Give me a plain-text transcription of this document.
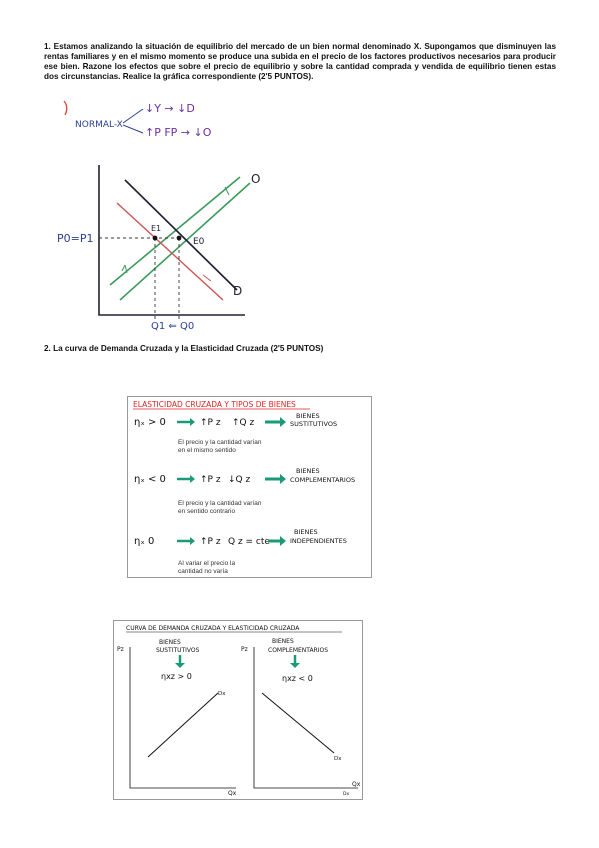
1. Estamos analizando la situación de equilibrio del mercado de un bien normal denominado X. Supongamos que disminuyen las rentas familiares y en el mismo momento se produce una subida en el precio de los factores productivos necesarios para producir ese bien. Razone los efectos que sobre el precio de equilibrio y sobre la cantidad comprada y vendida de equilibrio tienen estas dos circunstancias. Realice la gráfica correspondiente (2'5 PUNTOS).
NORMAL-X
↓Y → ↓D
↑P FP → ↓O
E1
E0
P0=P1
Q1 ⇐ Q0
O
D
2. La curva de Demanda Cruzada y la Elasticidad Cruzada (2'5 PUNTOS)
ELASTICIDAD CRUZADA Y TIPOS DE BIENES
ηₓ > 0	↑P z ↑Q z
BIENES
SUSTITUTIVOS
El precio y la cantidad varían
en el mismo sentido
ηₓ < 0	↑P z ↓Q z
BIENES
COMPLEMENTARIOS
El precio y la cantidad varían
en sentido contrario
ηₓ 0	↑P z Q z = cte
BIENES
INDEPENDIENTES
Al variar el precio la
cantidad no varía
CURVA DE DEMANDA CRUZADA Y ELASTICIDAD CRUZADA
Pz
BIENES
SUSTITUTIVOS
ηxz > 0
Dx
Qx
Pz
BIENES
COMPLEMENTARIOS
ηxz < 0
Dx
Qx
Dx
